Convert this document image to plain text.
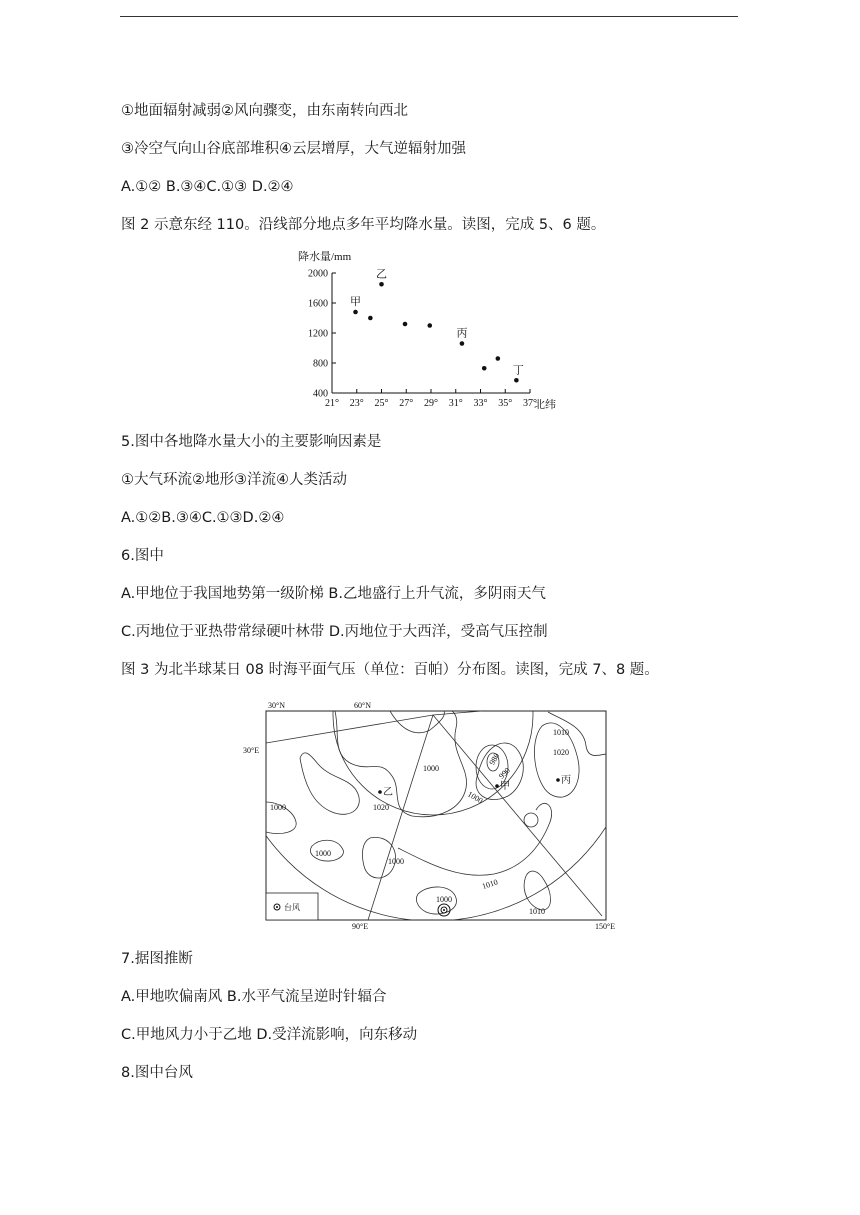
①地面辐射减弱②风向骤变，由东南转向西北
③冷空气向山谷底部堆积④云层增厚，大气逆辐射加强
A.①② B.③④C.①③ D.②④
图 2 示意东经 110。沿线部分地点多年平均降水量。读图，完成 5、6 题。
降水量/mm
400
800
1200
1600
2000
21° 23° 25° 27° 29° 31° 33° 35° 37°
甲
乙
丙
丁
北纬
5.图中各地降水量大小的主要影响因素是
①大气环流②地形③洋流④人类活动
A.①②B.③④C.①③D.②④
6.图中
A.甲地位于我国地势第一级阶梯 B.乙地盛行上升气流，多阴雨天气
C.丙地位于亚热带常绿硬叶林带 D.丙地位于大西洋，受高气压控制
图 3 为北半球某日 08 时海平面气压（单位：百帕）分布图。读图，完成 7、8 题。
30°N	60°N
30°E
90°E	150°E
1010
1020
980
990
1000
1000
1020
1000
1000
1000
1010
1000
1010
丙
甲
乙
台风
7.据图推断
A.甲地吹偏南风 B.水平气流呈逆时针辐合
C.甲地风力小于乙地 D.受洋流影响，向东移动
8.图中台风
